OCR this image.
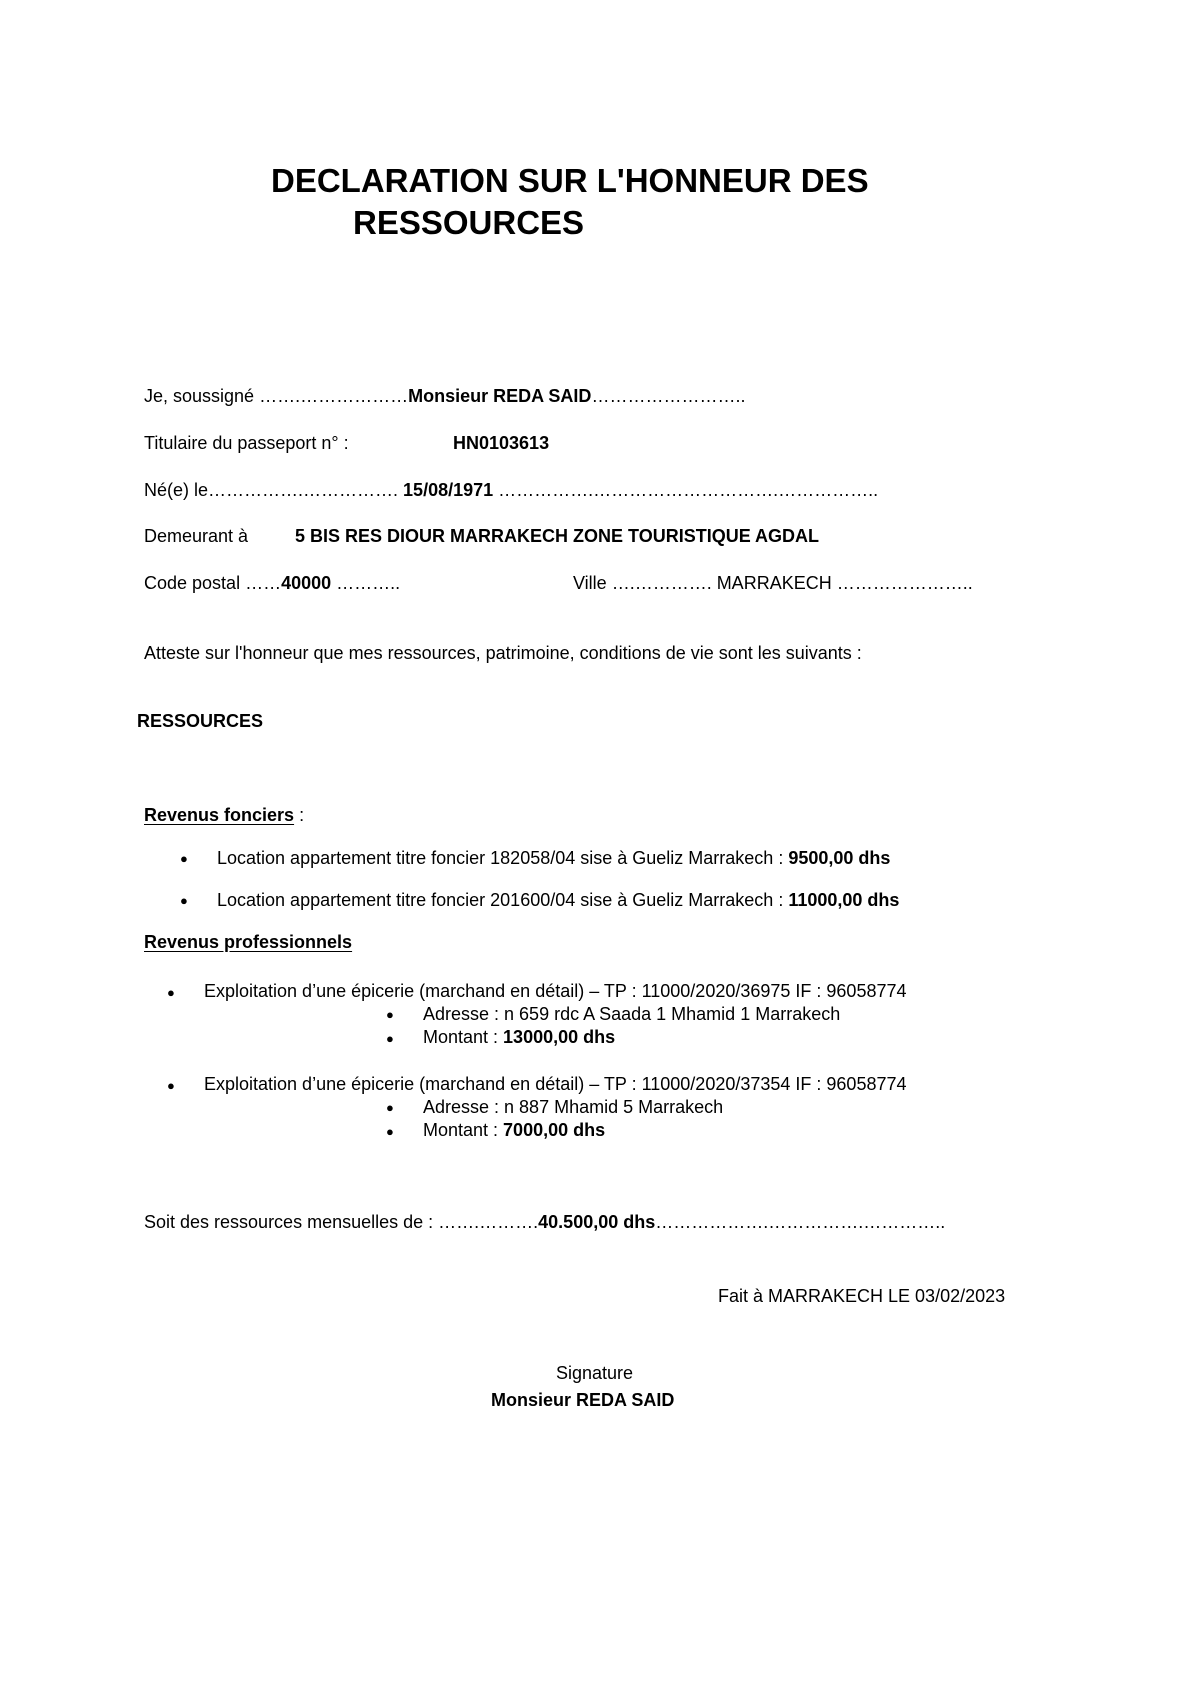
DECLARATION SUR L'HONNEUR DES
RESSOURCES
Je, soussigné …….………………Monsieur REDA SAID……………………..
Titulaire du passeport n° :	HN0103613
Né(e) le…………….……………. 15/08/1971 …………….………………………….……………..
Demeurant à	5 BIS RES DIOUR MARRAKECH ZONE TOURISTIQUE AGDAL
Code postal ……40000 ………..	Ville ….…………. MARRAKECH …………………..
Atteste sur l'honneur que mes ressources, patrimoine, conditions de vie sont les suivants :
RESSOURCES
Revenus fonciers :
● Location appartement titre foncier 182058/04 sise à Gueliz Marrakech : 9500,00 dhs
● Location appartement titre foncier 201600/04 sise à Gueliz Marrakech : 11000,00 dhs
Revenus professionnels
● Exploitation d’une épicerie (marchand en détail) – TP : 11000/2020/36975 IF : 96058774
● Adresse : n 659 rdc A Saada 1 Mhamid 1 Marrakech
● Montant : 13000,00 dhs
● Exploitation d’une épicerie (marchand en détail) – TP : 11000/2020/37354 IF : 96058774
● Adresse : n 887 Mhamid 5 Marrakech
● Montant : 7000,00 dhs
Soit des ressources mensuelles de : …….……….40.500,00 dhs……………….…………….…………..
Fait à MARRAKECH LE 03/02/2023
Signature
Monsieur REDA SAID
